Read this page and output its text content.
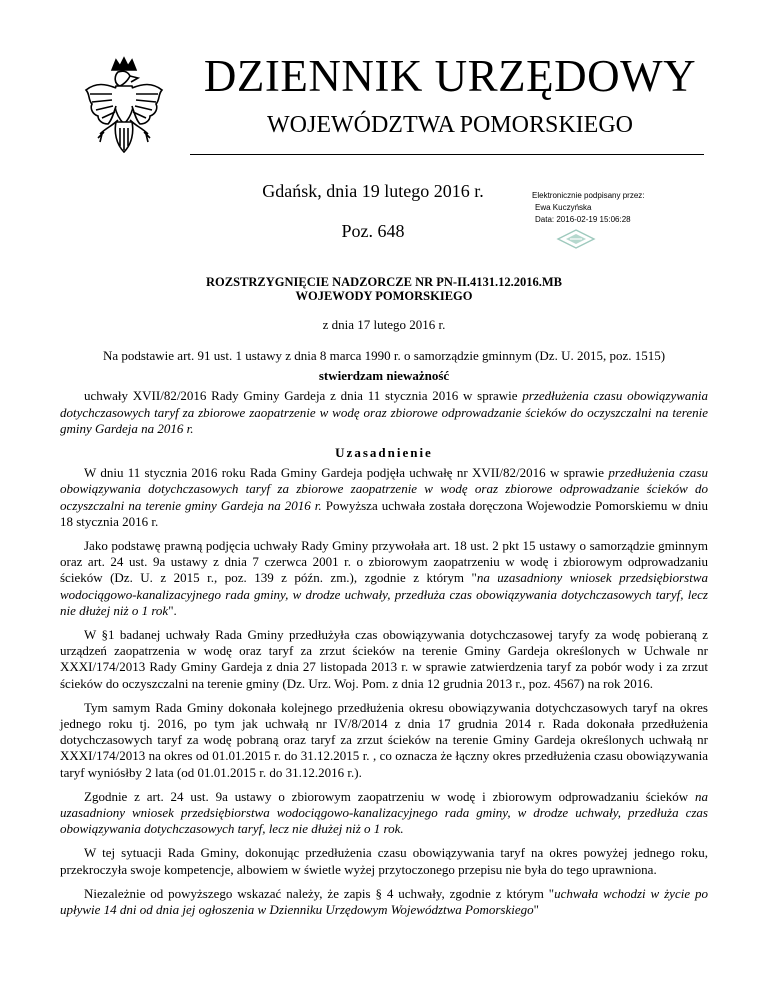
DZIENNIK URZĘDOWY
WOJEWÓDZTWA POMORSKIEGO
Gdańsk, dnia 19 lutego 2016 r.
Poz. 648
Elektronicznie podpisany przez:
Ewa Kuczyńska
Data: 2016-02-19 15:06:28
ROZSTRZYGNIĘCIE NADZORCZE NR PN-II.4131.12.2016.MB
WOJEWODY POMORSKIEGO
z dnia 17 lutego 2016 r.

Na podstawie art. 91 ust. 1 ustawy z dnia 8 marca 1990 r. o samorządzie gminnym (Dz. U. 2015, poz. 1515)

stwierdzam nieważność

uchwały XVII/82/2016 Rady Gminy Gardeja z dnia 11 stycznia 2016 w sprawie przedłużenia czasu obowiązywania dotychczasowych taryf za zbiorowe zaopatrzenie w wodę oraz zbiorowe odprowadzanie ścieków do oczyszczalni na terenie gminy Gardeja na 2016 r.

Uzasadnienie

W dniu 11 stycznia 2016 roku Rada Gminy Gardeja podjęła uchwałę nr XVII/82/2016 w sprawie przedłużenia czasu obowiązywania dotychczasowych taryf za zbiorowe zaopatrzenie w wodę oraz zbiorowe odprowadzanie ścieków do oczyszczalni na terenie gminy Gardeja na 2016 r. Powyższa uchwała została doręczona Wojewodzie Pomorskiemu w dniu 18 stycznia 2016 r.

Jako podstawę prawną podjęcia uchwały Rady Gminy przywołała art. 18 ust. 2 pkt 15 ustawy o samorządzie gminnym oraz art. 24 ust. 9a ustawy z dnia 7 czerwca 2001 r. o zbiorowym zaopatrzeniu w wodę i zbiorowym odprowadzaniu ścieków (Dz. U. z 2015 r., poz. 139 z późn. zm.), zgodnie z którym "na uzasadniony wniosek przedsiębiorstwa wodociągowo-kanalizacyjnego rada gminy, w drodze uchwały, przedłuża czas obowiązywania dotychczasowych taryf, lecz nie dłużej niż o 1 rok".

W §1 badanej uchwały Rada Gminy przedłużyła czas obowiązywania dotychczasowej taryfy za wodę pobieraną z urządzeń zaopatrzenia w wodę oraz taryf za zrzut ścieków na terenie Gminy Gardeja określonych w Uchwale nr XXXI/174/2013 Rady Gminy Gardeja z dnia 27 listopada 2013 r. w sprawie zatwierdzenia taryf za pobór wody i za zrzut ścieków do oczyszczalni na terenie gminy (Dz. Urz. Woj. Pom. z dnia 12 grudnia 2013 r., poz. 4567) na rok 2016.

Tym samym Rada Gminy dokonała kolejnego przedłużenia okresu obowiązywania dotychczasowych taryf na okres jednego roku tj. 2016, po tym jak uchwałą nr IV/8/2014 z dnia 17 grudnia 2014 r. Rada dokonała przedłużenia dotychczasowych taryf za wodę pobraną oraz taryf za zrzut ścieków na terenie Gminy Gardeja określonych uchwałą nr XXXI/174/2013 na okres od 01.01.2015 r. do 31.12.2015 r. , co oznacza że łączny okres przedłużenia czasu obowiązywania taryf wyniósłby 2 lata (od 01.01.2015 r. do 31.12.2016 r.).

Zgodnie z art. 24 ust. 9a ustawy o zbiorowym zaopatrzeniu w wodę i zbiorowym odprowadzaniu ścieków na uzasadniony wniosek przedsiębiorstwa wodociągowo-kanalizacyjnego rada gminy, w drodze uchwały, przedłuża czas obowiązywania dotychczasowych taryf, lecz nie dłużej niż o 1 rok.

W tej sytuacji Rada Gminy, dokonując przedłużenia czasu obowiązywania taryf na okres powyżej jednego roku, przekroczyła swoje kompetencje, albowiem w świetle wyżej przytoczonego przepisu nie była do tego uprawniona.

Niezależnie od powyższego wskazać należy, że zapis § 4 uchwały, zgodnie z którym "uchwała wchodzi w życie po upływie 14 dni od dnia jej ogłoszenia w Dzienniku Urzędowym Województwa Pomorskiego"
